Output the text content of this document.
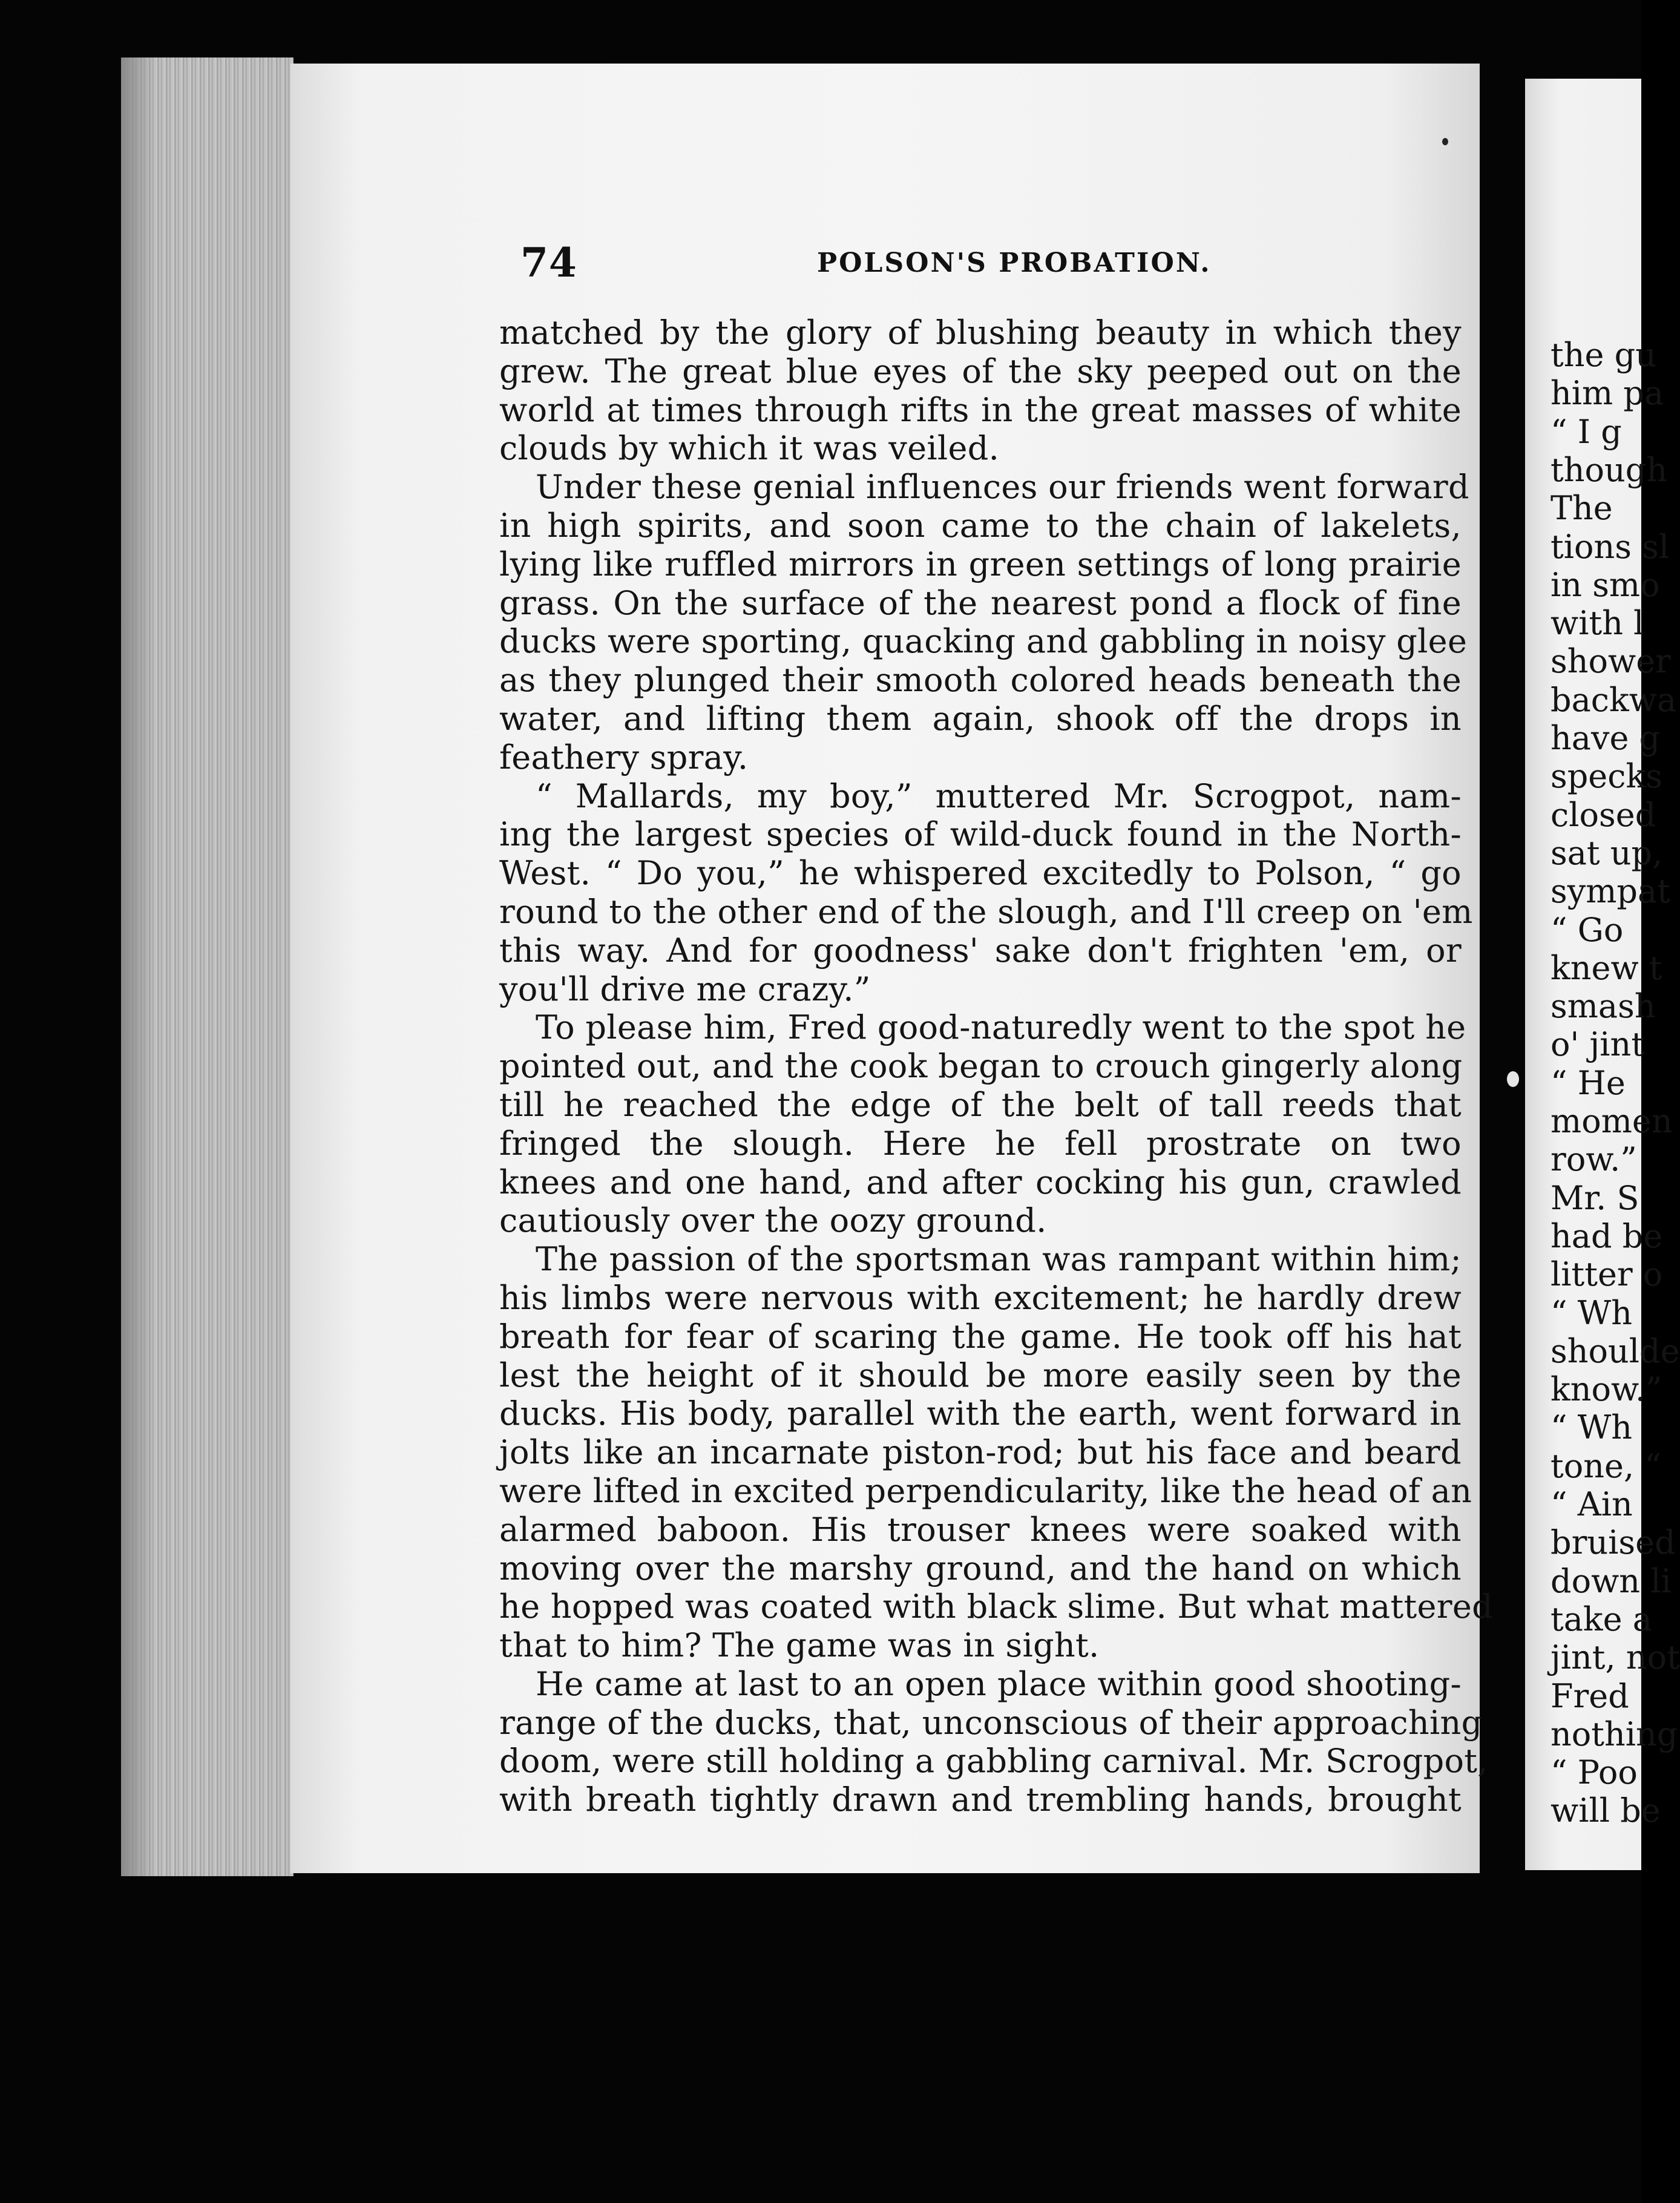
74	POLSON'S PROBATION.
matched by the glory of blushing beauty in which they
grew. The great blue eyes of the sky peeped out on the
world at times through rifts in the great masses of white
clouds by which it was veiled.
Under these genial influences our friends went forward
in high spirits, and soon came to the chain of lakelets,
lying like ruffled mirrors in green settings of long prairie
grass. On the surface of the nearest pond a flock of fine
ducks were sporting, quacking and gabbling in noisy glee
as they plunged their smooth colored heads beneath the
water, and lifting them again, shook off the drops in
feathery spray.
“ Mallards, my boy,” muttered Mr. Scrogpot, nam-
ing the largest species of wild-duck found in the North-
West. “ Do you,” he whispered excitedly to Polson, “ go
round to the other end of the slough, and I'll creep on 'em
this way. And for goodness' sake don't frighten 'em, or
you'll drive me crazy.”
To please him, Fred good-naturedly went to the spot he
pointed out, and the cook began to crouch gingerly along
till he reached the edge of the belt of tall reeds that
fringed the slough. Here he fell prostrate on two
knees and one hand, and after cocking his gun, crawled
cautiously over the oozy ground.
The passion of the sportsman was rampant within him;
his limbs were nervous with excitement; he hardly drew
breath for fear of scaring the game. He took off his hat
lest the height of it should be more easily seen by the
ducks. His body, parallel with the earth, went forward in
jolts like an incarnate piston-rod; but his face and beard
were lifted in excited perpendicularity, like the head of an
alarmed baboon. His trouser knees were soaked with
moving over the marshy ground, and the hand on which
he hopped was coated with black slime. But what mattered
that to him? The game was in sight.
He came at last to an open place within good shooting-
range of the ducks, that, unconscious of their approaching
doom, were still holding a gabbling carnival. Mr. Scrogpot,
with breath tightly drawn and trembling hands, brought
the gu
him pa
“ I g
though
The
tions sl
in smo
with l
shower
backwa
have g
specks
closed
sat up,
sympat
“ Go
knew t
smash
o' jint
“ He
momen
row.”
Mr. S
had be
litter o
“ Wh
shoulde
know.”
“ Wh
tone, “
“ Ain
bruised
down li
take a
jint, not
Fred
nothing
“ Poo
will be
